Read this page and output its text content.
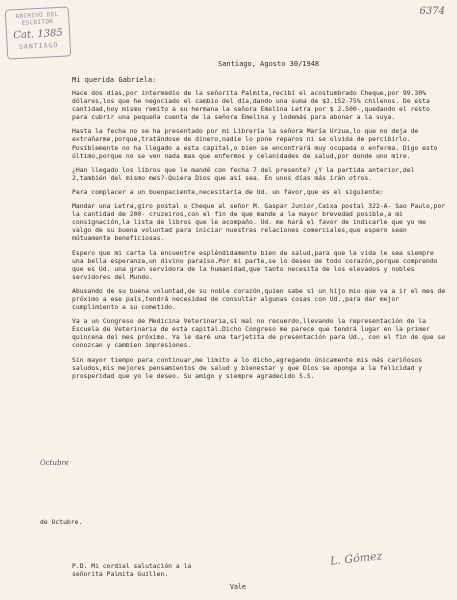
ARCHIVO DEL ESCRITOR
Cat. 1385
SANTIAGO
6374
Santiago, Agosto 30/1948
Mi querida Gabriela:

Hace dos días,por intermedio de la señorita Palmita,recibí el acostumbrado Cheque,por 99.30% dólares,los que he negociado el cambio del día,dando una suma de $3.152-75% chilenos. De esta cantidad,hoy mismo remito a su hermana la señora Emelina Letra por $ 2.500-,quedando el resto para cubrir una pequeña cuenta de la señora Emelina y lodemás para abonar a la suya.

Hasta la fecha no se ha presentado por mi Librería la señora María Urzua,lo que no deja de extrañarme,porque,tratándose de dinero,nadie lo pone reparos ni se olvida de percibirlo. Posiblemente no ha llegado a esta capital,o bien se encontrará muy ocupada o enferma. Digo esto último,porque no se ven nada mas que enfermos y celanidades de salud,por donde uno mire.

¿Han llegado los libros que le mandé con fecha 7 del presente? ¿Y la partida anterior,del 2,también del mismo mes?-Quiera Dios que así sea. En unos días más irán otros.

Para complacer a un buenpaciente,necesitaría de Ud. un favor,que es el siguiente:

Mandar una Letra,giro postal o Cheque al señor M. Gaspar Junior,Caixa postal 322-A- Sao Paulo,por la cantidad de 200- cruzeiros,con el fin de que mande a la mayor brevedad posible,a mi consignación,la lista de libros que le acompaño. Ud. me hará el favor de indicarle que yo me valgo de su buena voluntad para iniciar nuestras relaciones comerciales,que espero sean mútuamente beneficiosas.

Espero que mi carta la encuentre espléndidamente bien de salud,para que la vida le sea siempre una bella esperanza,un divino paraíso.Por mi parte,se lo deseo de todo corazón,porque comprendo que es Ud. una gran servidora de la humanidad,que tanto necesita de los elevados y nobles servidores del Mundo.

Abusando de su buena voluntad,de su noble corazón,quien sabe si un hijo mio que va a ir el mes de próximo a ese país,tendrá necesidad de consultar algunas cosas con Ud.,para dar mejor cumplimiento a su cometido.

Va a un Congreso de Medicina Veterinaria,si mal no recuerdo,llevando la representación de la Escuela de Veterinaria de esta capital.Dicho Congreso me parece que tendrá lugar en la primer quincena del mes próximo. Ya le daré una tarjetita de presentación para Ud., con el fin de que se conozcan y cambien impresiones.

Sin mayor tiempo para continuar,me limito a lo dicho,agregando únicamente mis más cariñosos saludos,mis mejores pensamientos de salud y bienestar y que Dios se oponga a la felicidad y prosperidad que yo le deseo. Su amigo y siempre agradecido S.S.

Octubre
de Octubre.
P.D. Mi cordial salutación a la
señorita Palmita Guillen.
Vale
L. Gómez
